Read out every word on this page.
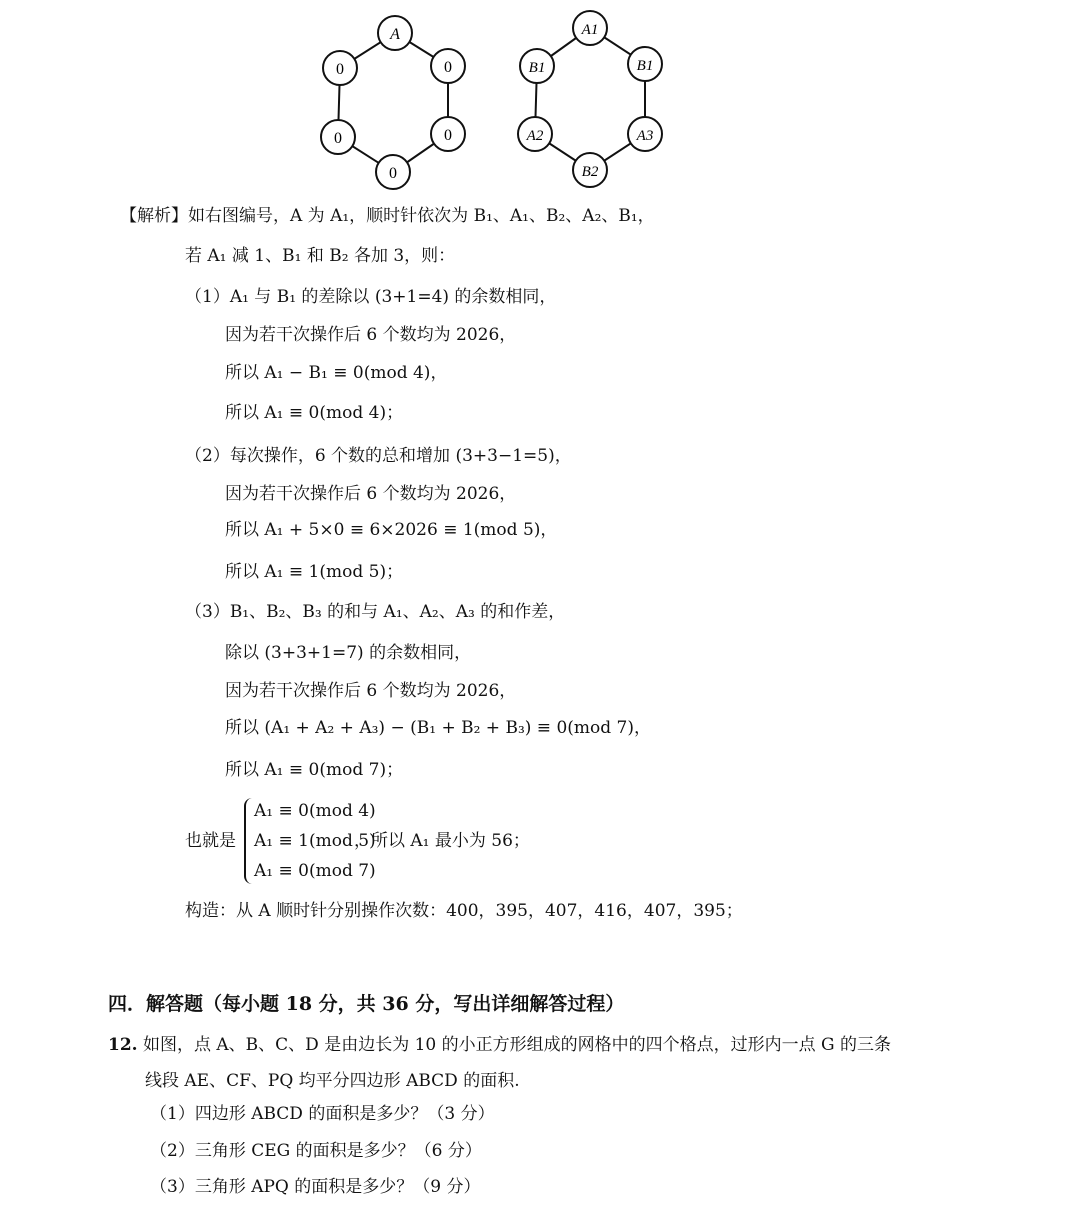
A
0	0
0	0
0
A1
B1	B1
A2	A3
B2
【解析】如右图编号，A 为 A₁，顺时针依次为 B₁、A₁、B₂、A₂、B₁，
若 A₁ 减 1、B₁ 和 B₂ 各加 3，则：
（1）A₁ 与 B₁ 的差除以 (3+1=4) 的余数相同，
因为若干次操作后 6 个数均为 2026，
所以 A₁ − B₁ ≡ 0(mod 4)，
所以 A₁ ≡ 0(mod 4)；
（2）每次操作，6 个数的总和增加 (3+3−1=5)，
因为若干次操作后 6 个数均为 2026，
所以 A₁ + 5×0 ≡ 6×2026 ≡ 1(mod 5)，
所以 A₁ ≡ 1(mod 5)；
（3）B₁、B₂、B₃ 的和与 A₁、A₂、A₃ 的和作差，
除以 (3+3+1=7) 的余数相同，
因为若干次操作后 6 个数均为 2026，
所以 (A₁ + A₂ + A₃) − (B₁ + B₂ + B₃) ≡ 0(mod 7)，
所以 A₁ ≡ 0(mod 7)；
也就是
A₁ ≡ 0(mod 4)
A₁ ≡ 1(mod 5)
A₁ ≡ 0(mod 7)
，所以 A₁ 最小为 56；
构造：从 A 顺时针分别操作次数：400，395，407，416，407，395；
四．解答题（每小题 18 分，共 36 分，写出详细解答过程）
12. 如图，点 A、B、C、D 是由边长为 10 的小正方形组成的网格中的四个格点，过形内一点 G 的三条
线段 AE、CF、PQ 均平分四边形 ABCD 的面积.
（1）四边形 ABCD 的面积是多少？（3 分）
（2）三角形 CEG 的面积是多少？（6 分）
（3）三角形 APQ 的面积是多少？（9 分）
